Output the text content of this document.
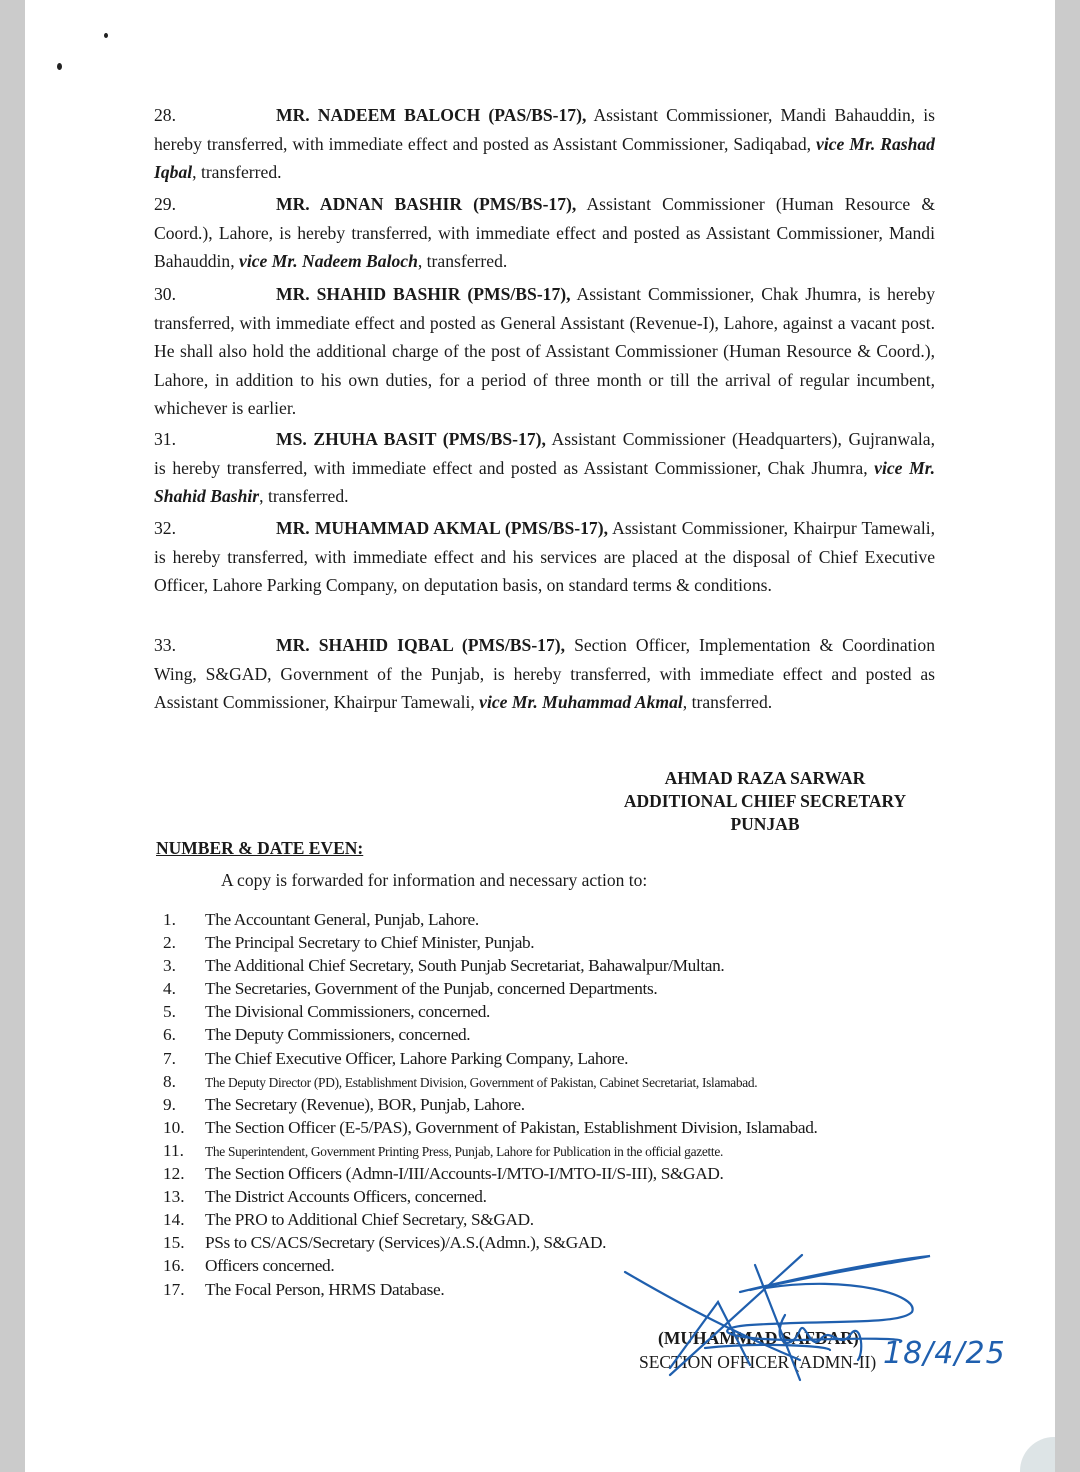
28.	MR. NADEEM BALOCH (PAS/BS-17), Assistant Commissioner, Mandi Bahauddin, is hereby transferred, with immediate effect and posted as Assistant Commissioner, Sadiqabad, vice Mr. Rashad Iqbal, transferred.
29.	MR. ADNAN BASHIR (PMS/BS-17), Assistant Commissioner (Human Resource & Coord.), Lahore, is hereby transferred, with immediate effect and posted as Assistant Commissioner, Mandi Bahauddin, vice Mr. Nadeem Baloch, transferred.
30.	MR. SHAHID BASHIR (PMS/BS-17), Assistant Commissioner, Chak Jhumra, is hereby transferred, with immediate effect and posted as General Assistant (Revenue-I), Lahore, against a vacant post. He shall also hold the additional charge of the post of Assistant Commissioner (Human Resource & Coord.), Lahore, in addition to his own duties, for a period of three month or till the arrival of regular incumbent, whichever is earlier.
31.	MS. ZHUHA BASIT (PMS/BS-17), Assistant Commissioner (Headquarters), Gujranwala, is hereby transferred, with immediate effect and posted as Assistant Commissioner, Chak Jhumra, vice Mr. Shahid Bashir, transferred.
32.	MR. MUHAMMAD AKMAL (PMS/BS-17), Assistant Commissioner, Khairpur Tamewali, is hereby transferred, with immediate effect and his services are placed at the disposal of Chief Executive Officer, Lahore Parking Company, on deputation basis, on standard terms & conditions.
33.	MR. SHAHID IQBAL (PMS/BS-17), Section Officer, Implementation & Coordination Wing, S&GAD, Government of the Punjab, is hereby transferred, with immediate effect and posted as Assistant Commissioner, Khairpur Tamewali, vice Mr. Muhammad Akmal, transferred.
AHMAD RAZA SARWAR
ADDITIONAL CHIEF SECRETARY
PUNJAB
NUMBER & DATE EVEN:
A copy is forwarded for information and necessary action to:
1. The Accountant General, Punjab, Lahore.
2. The Principal Secretary to Chief Minister, Punjab.
3. The Additional Chief Secretary, South Punjab Secretariat, Bahawalpur/Multan.
4. The Secretaries, Government of the Punjab, concerned Departments.
5. The Divisional Commissioners, concerned.
6. The Deputy Commissioners, concerned.
7. The Chief Executive Officer, Lahore Parking Company, Lahore.
8. The Deputy Director (PD), Establishment Division, Government of Pakistan, Cabinet Secretariat, Islamabad.
9. The Secretary (Revenue), BOR, Punjab, Lahore.
10. The Section Officer (E-5/PAS), Government of Pakistan, Establishment Division, Islamabad.
11. The Superintendent, Government Printing Press, Punjab, Lahore for Publication in the official gazette.
12. The Section Officers (Admn-I/III/Accounts-I/MTO-I/MTO-II/S-III), S&GAD.
13. The District Accounts Officers, concerned.
14. The PRO to Additional Chief Secretary, S&GAD.
15. PSs to CS/ACS/Secretary (Services)/A.S.(Admn.), S&GAD.
16. Officers concerned.
17. The Focal Person, HRMS Database.
(MUHAMMAD SAFDAR)
SECTION OFFICER (ADMN-II) 18/4/25
